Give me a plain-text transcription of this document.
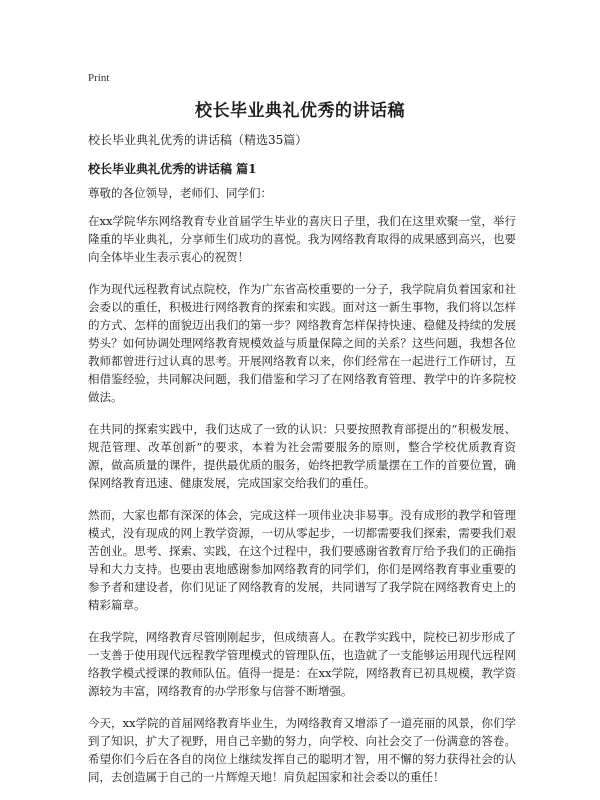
Print
校长毕业典礼优秀的讲话稿
校长毕业典礼优秀的讲话稿（精选35篇）
校长毕业典礼优秀的讲话稿 篇1

尊敬的各位领导，老师们、同学们：

在xx学院华东网络教育专业首届学生毕业的喜庆日子里，我们在这里欢聚一堂，举行隆重的毕业典礼，分享师生们成功的喜悦。我为网络教育取得的成果感到高兴，也要向全体毕业生表示衷心的祝贺！

作为现代远程教育试点院校，作为广东省高校重要的一分子，我学院肩负着国家和社会委以的重任，积极进行网络教育的探索和实践。面对这一新生事物，我们将以怎样的方式、怎样的面貌迈出我们的第一步？网络教育怎样保持快速、稳健及持续的发展势头？如何协调处理网络教育规模效益与质量保障之间的关系？这些问题，我想各位教师都曾进行过认真的思考。开展网络教育以来，你们经常在一起进行工作研讨，互相借鉴经验，共同解决问题，我们借鉴和学习了在网络教育管理、教学中的许多院校做法。

在共同的探索实践中，我们达成了一致的认识：只要按照教育部提出的“积极发展、规范管理、改革创新”的要求，本着为社会需要服务的原则，整合学校优质教育资源，做高质量的课件，提供最优质的服务，始终把教学质量摆在工作的首要位置，确保网络教育迅速、健康发展，完成国家交给我们的重任。

然而，大家也都有深深的体会，完成这样一项伟业决非易事。没有成形的教学和管理模式，没有现成的网上教学资源，一切从零起步，一切都需要我们探索，需要我们艰苦创业。思考、探索、实践，在这个过程中，我们要感谢省教育厅给予我们的正确指导和大力支持。也要由衷地感谢参加网络教育的同学们，你们是网络教育事业重要的参予者和建设者，你们见证了网络教育的发展，共同谱写了我学院在网络教育史上的精彩篇章。

在我学院，网络教育尽管刚刚起步，但成绩喜人。在教学实践中，院校已初步形成了一支善于使用现代远程教学管理模式的管理队伍，也造就了一支能够运用现代远程网络教学模式授课的教师队伍。值得一提是：在xx学院，网络教育已初具规模，教学资源较为丰富，网络教育的办学形象与信誉不断增强。

今天，xx学院的首届网络教育毕业生，为网络教育又增添了一道亮丽的风景，你们学到了知识，扩大了视野，用自己辛勤的努力，向学校、向社会交了一份满意的答卷。希望你们今后在各自的岗位上继续发挥自己的聪明才智，用不懈的努力获得社会的认同，去创造属于自己的一片辉煌天地！肩负起国家和社会委以的重任！
